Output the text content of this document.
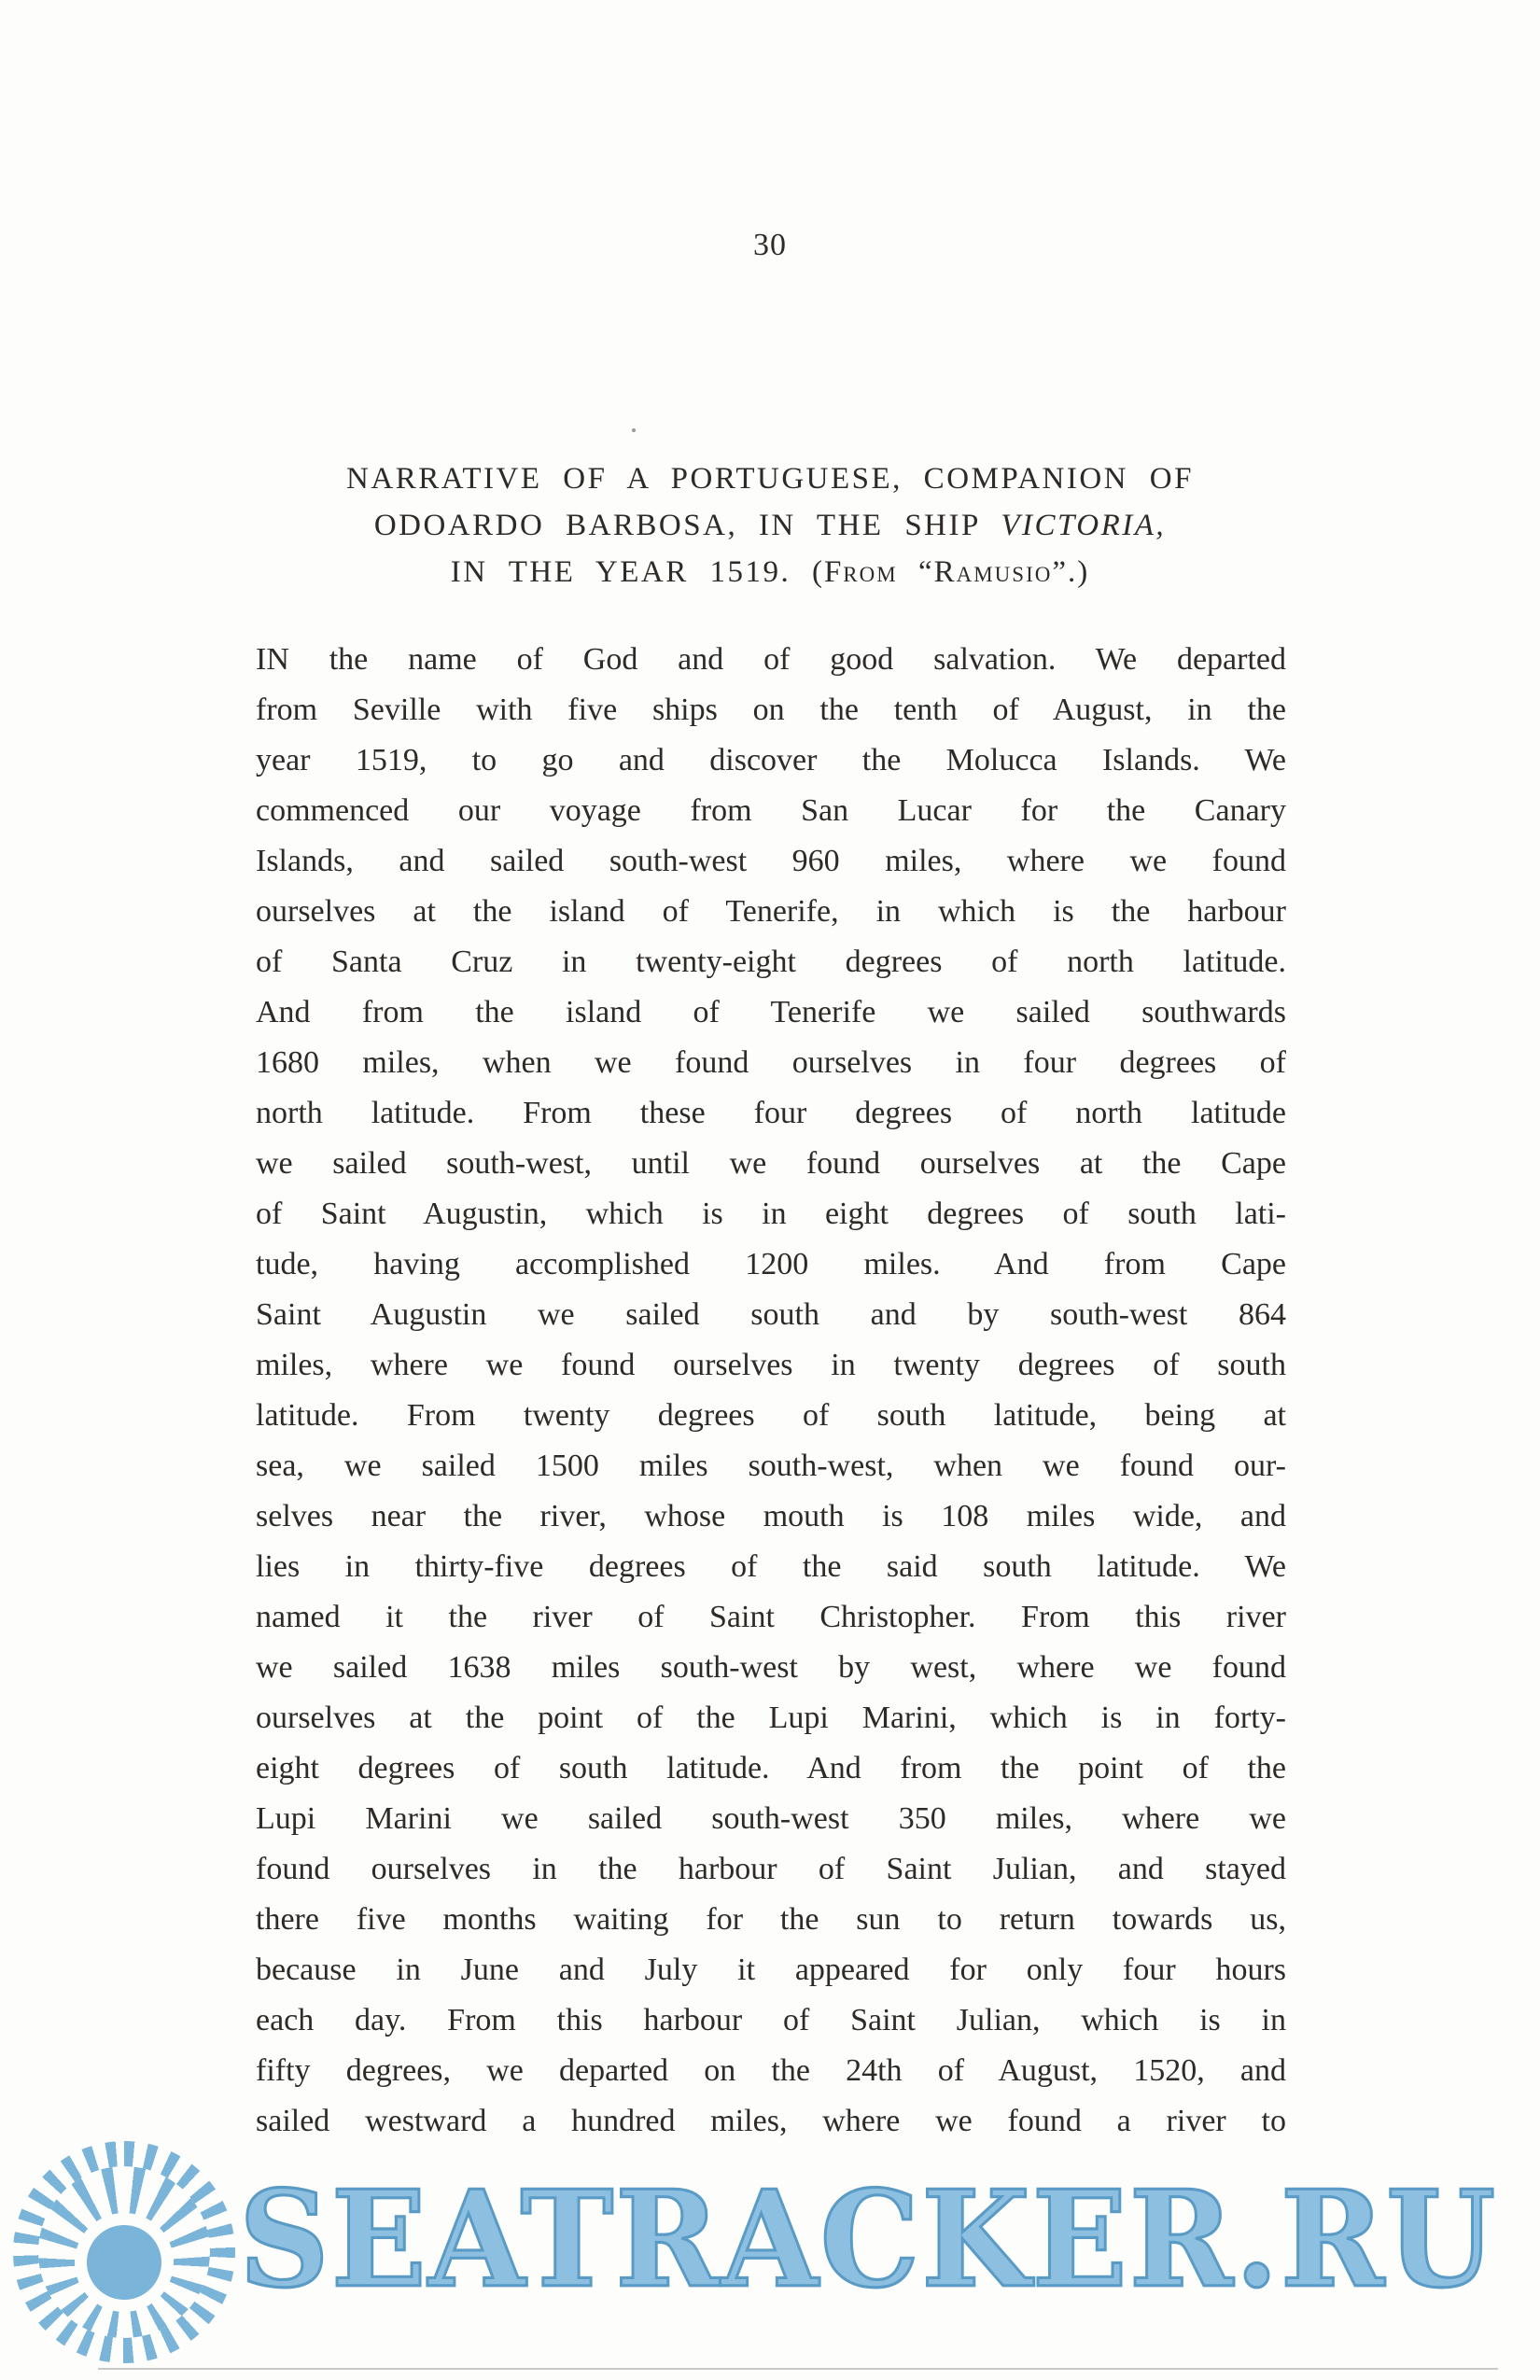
30
NARRATIVE OF A PORTUGUESE, COMPANION OF
ODOARDO BARBOSA, IN THE SHIP VICTORIA,
IN THE YEAR 1519. (From “Ramusio”.)
IN the name of God and of good salvation. We departed
from Seville with five ships on the tenth of August, in the
year 1519, to go and discover the Molucca Islands. We
commenced our voyage from San Lucar for the Canary
Islands, and sailed south-west 960 miles, where we found
ourselves at the island of Tenerife, in which is the harbour
of Santa Cruz in twenty-eight degrees of north latitude.
And from the island of Tenerife we sailed southwards
1680 miles, when we found ourselves in four degrees of
north latitude. From these four degrees of north latitude
we sailed south-west, until we found ourselves at the Cape
of Saint Augustin, which is in eight degrees of south lati-
tude, having accomplished 1200 miles. And from Cape
Saint Augustin we sailed south and by south-west 864
miles, where we found ourselves in twenty degrees of south
latitude. From twenty degrees of south latitude, being at
sea, we sailed 1500 miles south-west, when we found our-
selves near the river, whose mouth is 108 miles wide, and
lies in thirty-five degrees of the said south latitude. We
named it the river of Saint Christopher. From this river
we sailed 1638 miles south-west by west, where we found
ourselves at the point of the Lupi Marini, which is in forty-
eight degrees of south latitude. And from the point of the
Lupi Marini we sailed south-west 350 miles, where we
found ourselves in the harbour of Saint Julian, and stayed
there five months waiting for the sun to return towards us,
because in June and July it appeared for only four hours
each day. From this harbour of Saint Julian, which is in
fifty degrees, we departed on the 24th of August, 1520, and
sailed westward a hundred miles, where we found a river to
SEATRACKER.RU
